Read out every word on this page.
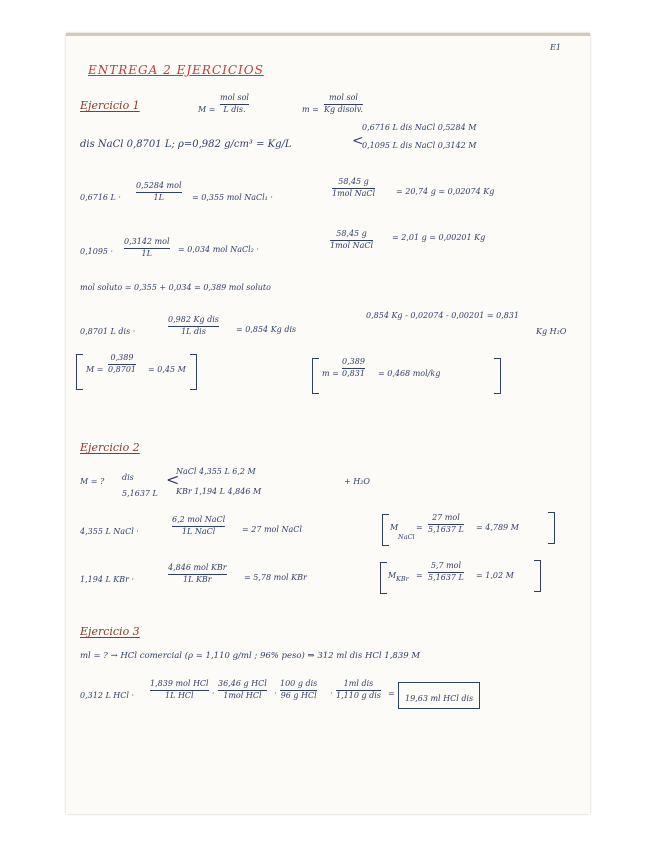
E1
ENTREGA 2 EJERCICIOS
Ejercicio 1	M =
mol sol
L dis.	m =
mol sol
Kg disolv.
0,6716 L dis NaCl 0,5284 M
dis NaCl 0,8701 L; ρ=0,982 g/cm³ = Kg/L	<
0,1095 L dis NaCl 0,3142 M
0,6716 L ·
0,5284 mol
1L	= 0,355 mol NaCl₁ ·
58,45 g
1mol NaCl	= 20,74 g = 0,02074 Kg
0,1095 ·
0,3142 mol
1L	= 0,034 mol NaCl₂ ·
58,45 g
1mol NaCl
= 2,01 g = 0,00201 Kg
mol soluto = 0,355 + 0,034 = 0,389 mol soluto
0,8701 L dis ·
0,982 Kg dis
1L dis	= 0,854 Kg dis
0,854 Kg - 0,02074 - 0,00201 = 0,831
Kg H₂O
M =
0,389
0,8701 = 0,45 M	m =
0,389
0,831 = 0,468 mol/kg
Ejercicio 2
M = ? dis
5,1637 L
<
NaCl 4,355 L 6,2 M
KBr 1,194 L 4,846 M
+ H₂O
4,355 L NaCl ·
6,2 mol NaCl
1L NaCl	= 27 mol NaCl	M
NaCl
=
27 mol
5,1637 L = 4,789 M
1,194 L KBr ·
4,846 mol KBr
1L KBr	= 5,78 mol KBr	M KBr =
5,7 mol
5,1637 L = 1,02 M
Ejercicio 3
ml = ? → HCl comercial (ρ = 1,110 g/ml ; 96% peso) ⇒ 312 ml dis HCl 1,839 M
0,312 L HCl ·
1,839 mol HCl
1L HCl ·
36,46 g HCl
1mol HCl ·
100 g dis
96 g HCl ·
1ml dis
1,110 g dis =
19,63 ml HCl dis
